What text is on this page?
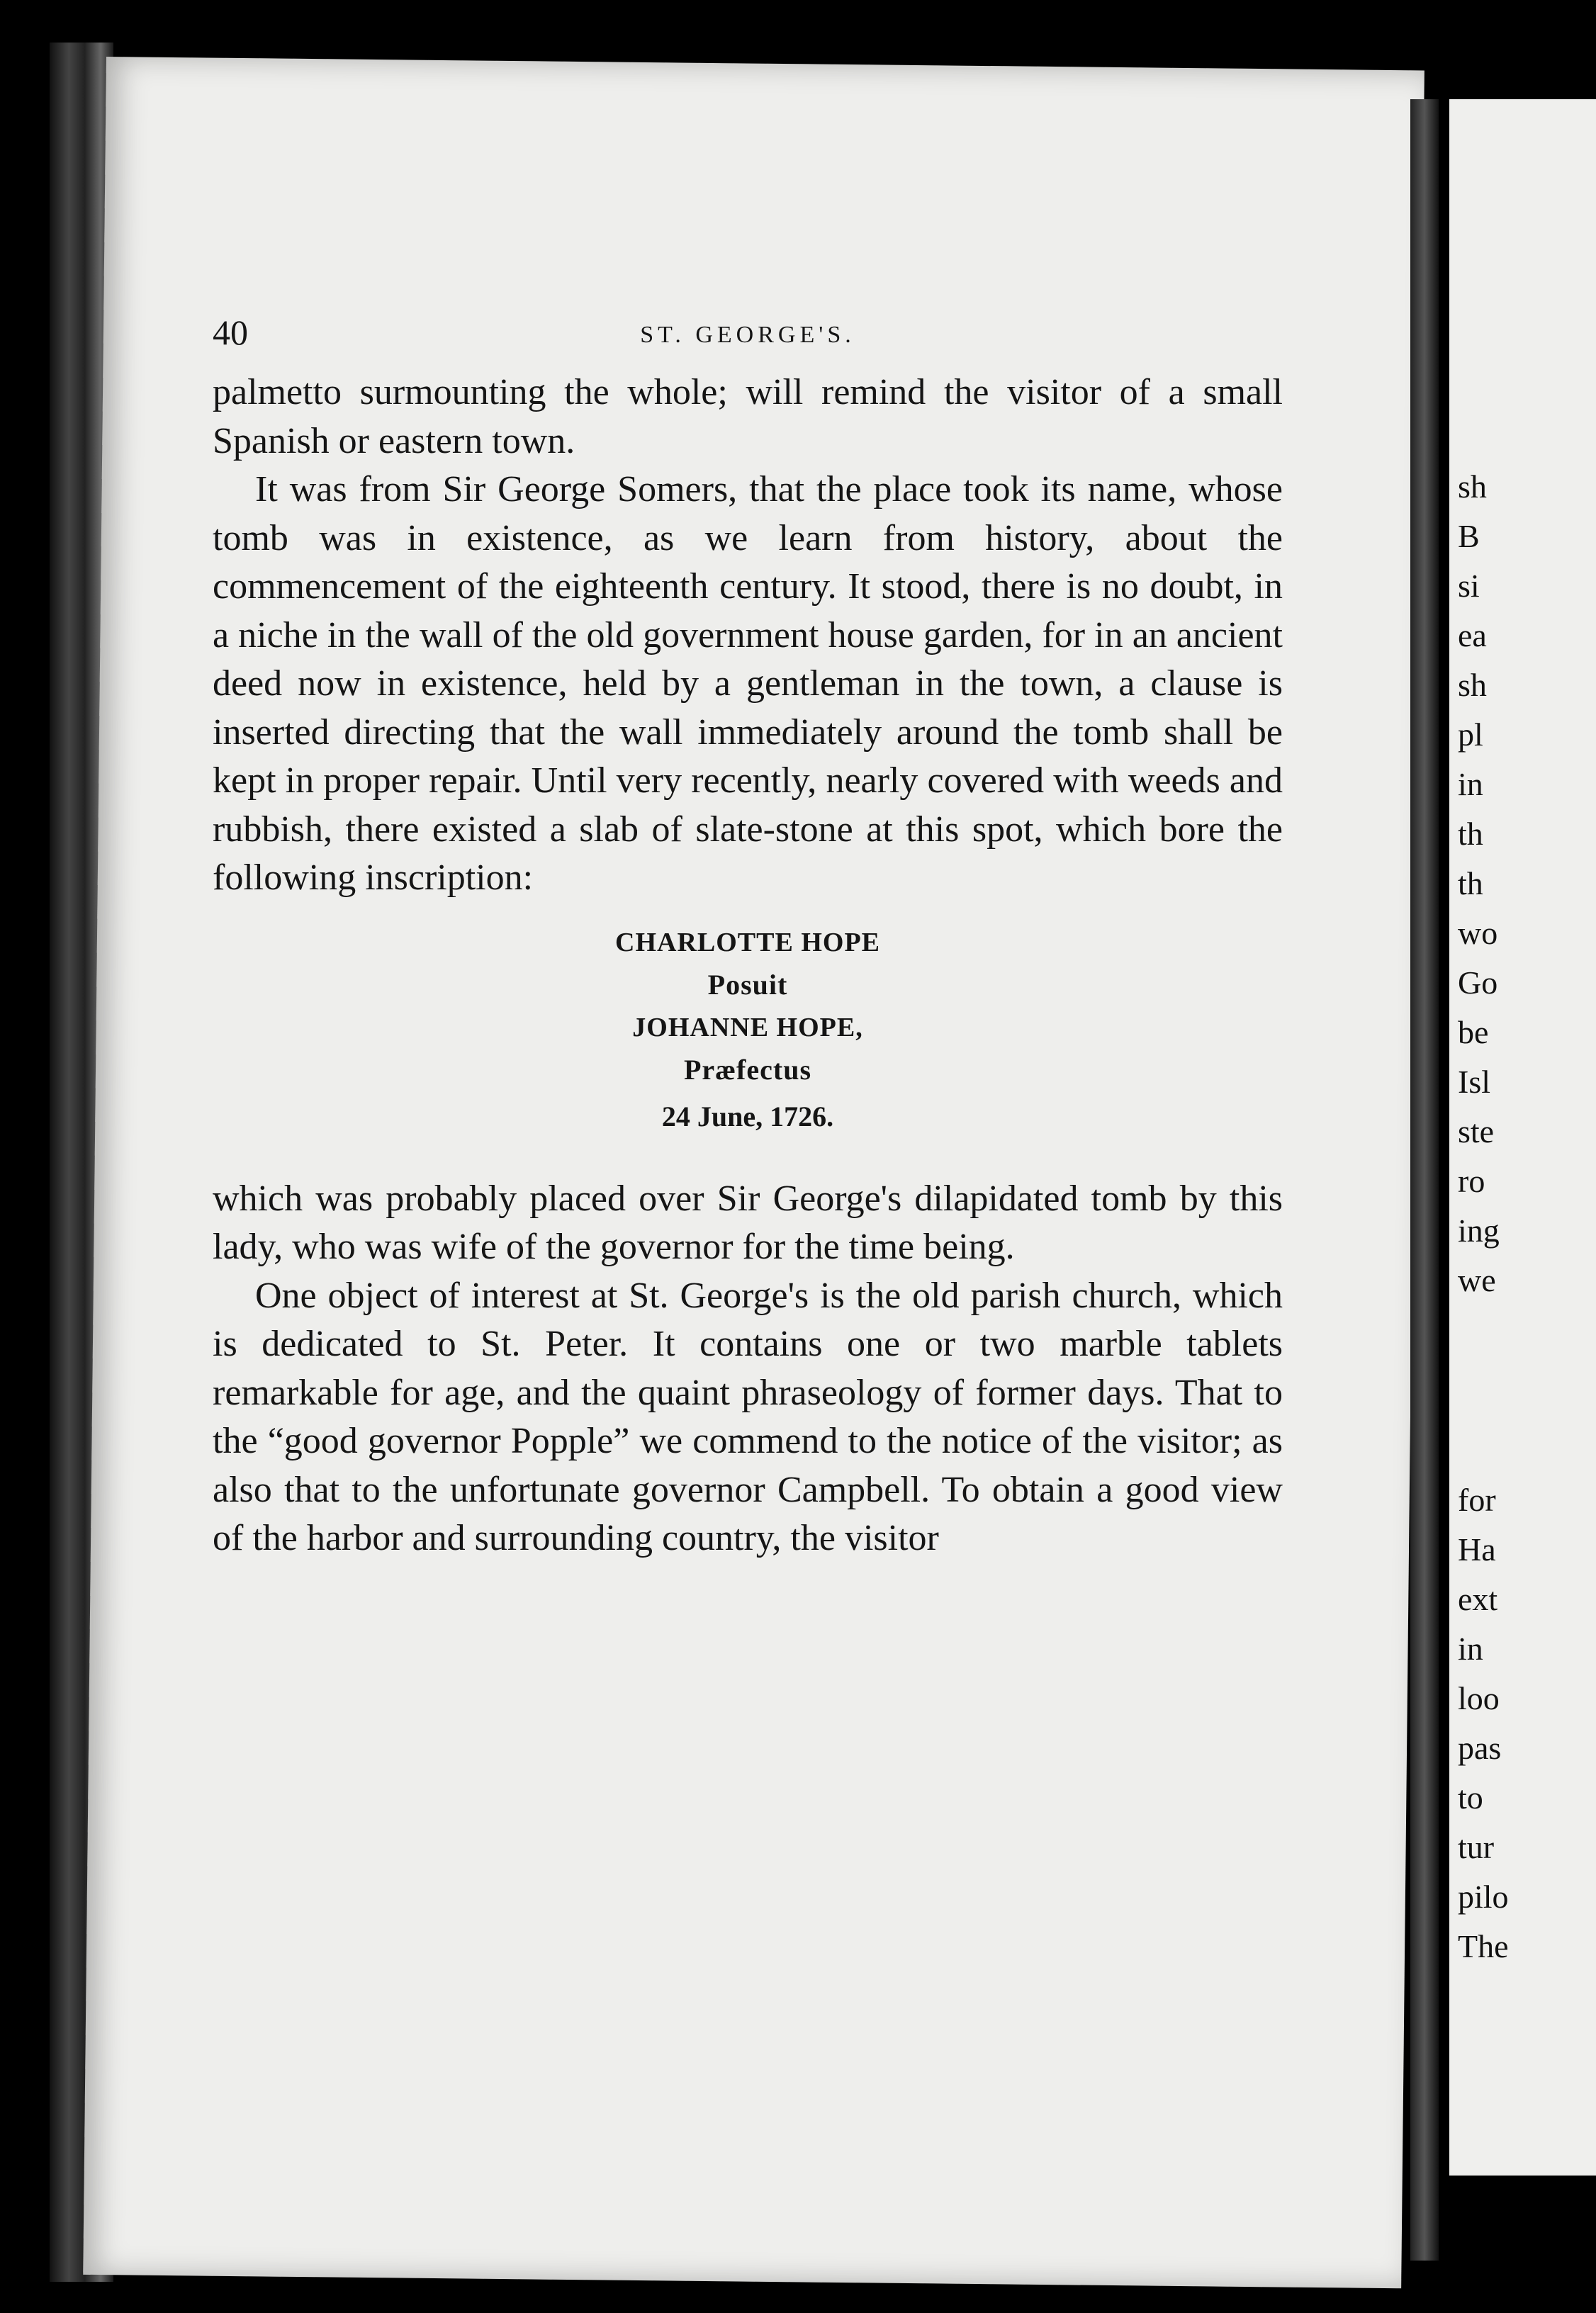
40	ST. GEORGE'S.

palmetto surmounting the whole; will remind the visitor of a small Spanish or eastern town.

It was from Sir George Somers, that the place took its name, whose tomb was in existence, as we learn from history, about the commencement of the eighteenth century. It stood, there is no doubt, in a niche in the wall of the old government house garden, for in an ancient deed now in existence, held by a gentleman in the town, a clause is inserted directing that the wall immediately around the tomb shall be kept in proper repair. Until very recently, nearly covered with weeds and rubbish, there existed a slab of slate-stone at this spot, which bore the following inscription:

CHARLOTTE HOPE
Posuit
JOHANNE HOPE,
Præfectus
24 June, 1726.

which was probably placed over Sir George's dilapidated tomb by this lady, who was wife of the governor for the time being.

One object of interest at St. George's is the old parish church, which is dedicated to St. Peter. It contains one or two marble tablets remarkable for age, and the quaint phraseology of former days. That to the “good governor Popple” we commend to the notice of the visitor; as also that to the unfortunate governor Campbell. To obtain a good view of the harbor and surrounding country, the visitor

sh
B
si
ea
sh
pl
in
th
th
wo
Go
be
Isl
ste
ro
ing
we
for
Ha
ext
in
loo
pas
to
tur
pilo
The
